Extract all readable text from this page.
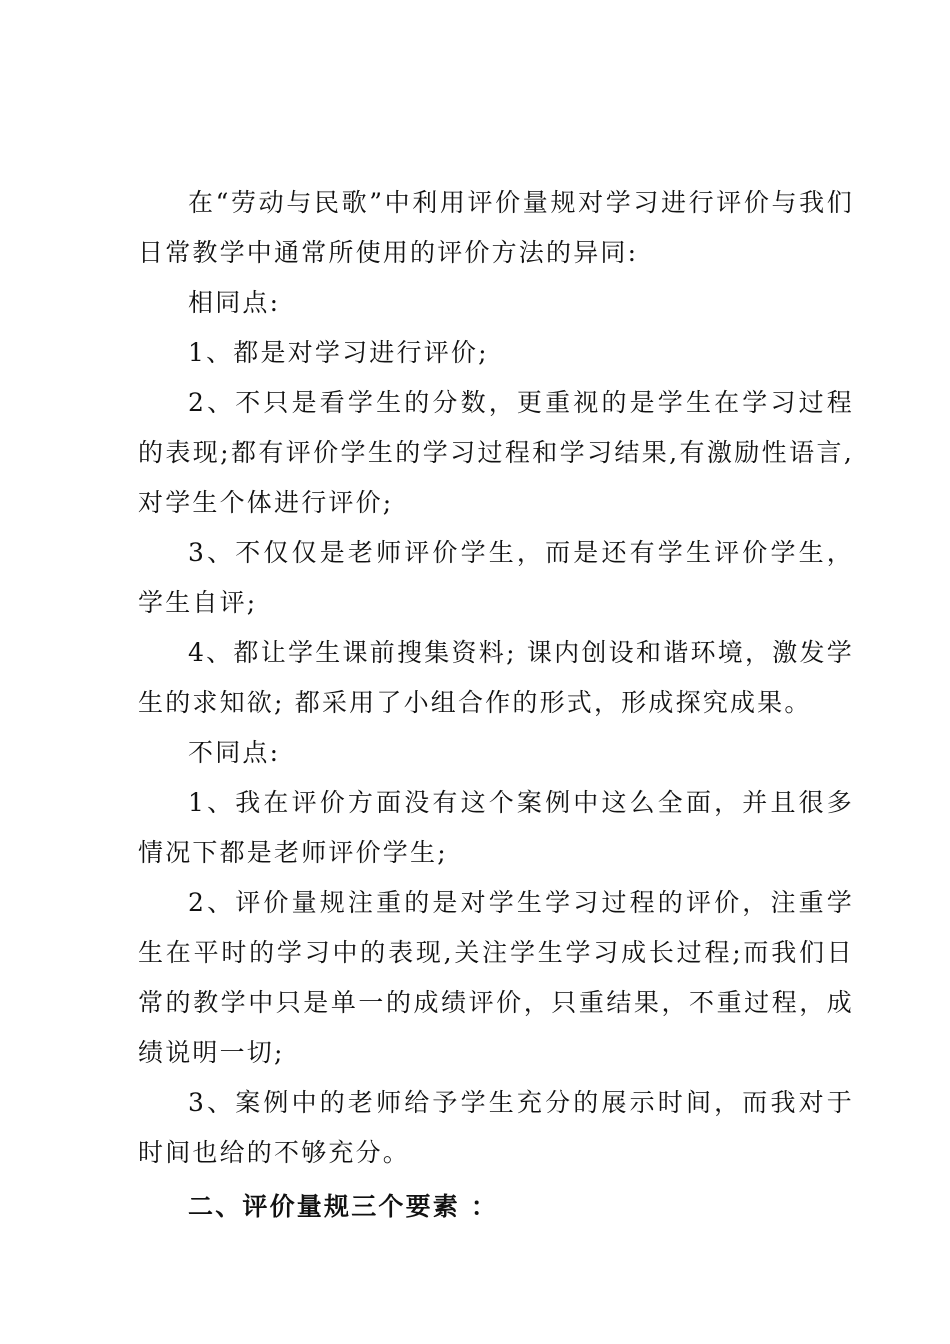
在“劳动与民歌”中利用评价量规对学习进行评价与我们日常教学中通常所使用的评价方法的异同:

相同点:

1、都是对学习进行评价;

2、不只是看学生的分数，更重视的是学生在学习过程的表现;都有评价学生的学习过程和学习结果,有激励性语言,对学生个体进行评价;

3、不仅仅是老师评价学生，而是还有学生评价学生，学生自评;

4、都让学生课前搜集资料; 课内创设和谐环境，激发学生的求知欲; 都采用了小组合作的形式，形成探究成果。

不同点:

1、我在评价方面没有这个案例中这么全面，并且很多情况下都是老师评价学生;

2、评价量规注重的是对学生学习过程的评价，注重学生在平时的学习中的表现,关注学生学习成长过程;而我们日常的教学中只是单一的成绩评价，只重结果，不重过程，成绩说明一切;

3、案例中的老师给予学生充分的展示时间，而我对于时间也给的不够充分。

二、评价量规三个要素 ：
